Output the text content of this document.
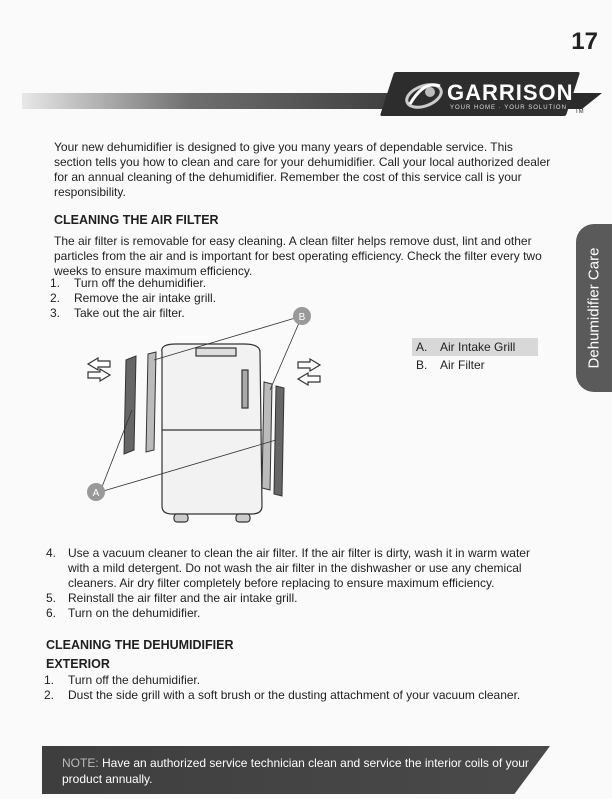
17
GARRISON
YOUR HOME · YOUR SOLUTION
TM
Dehumidifier Care
Your new dehumidifier is designed to give you many years of dependable service. This section tells you how to clean and care for your dehumidifier. Call your local authorized dealer for an annual cleaning of the dehumidifier. Remember the cost of this service call is your responsibility.
CLEANING THE AIR FILTER
The air filter is removable for easy cleaning. A clean filter helps remove dust, lint and other particles from the air and is important for best operating efficiency. Check the filter every two weeks to ensure maximum efficiency.
1.	Turn off the dehumidifier.
2.	Remove the air intake grill.
3.	Take out the air filter.	B
A
A.	Air Intake Grill
B.	Air Filter
4. Use a vacuum cleaner to clean the air filter. If the air filter is dirty, wash it in warm water with a mild detergent. Do not wash the air filter in the dishwasher or use any chemical cleaners. Air dry filter completely before replacing to ensure maximum efficiency.
5. Reinstall the air filter and the air intake grill.
6. Turn on the dehumidifier.
CLEANING THE DEHUMIDIFIER
EXTERIOR
1.	Turn off the dehumidifier.
2.	Dust the side grill with a soft brush or the dusting attachment of your vacuum cleaner.
NOTE: Have an authorized service technician clean and service the interior coils of your product annually.
